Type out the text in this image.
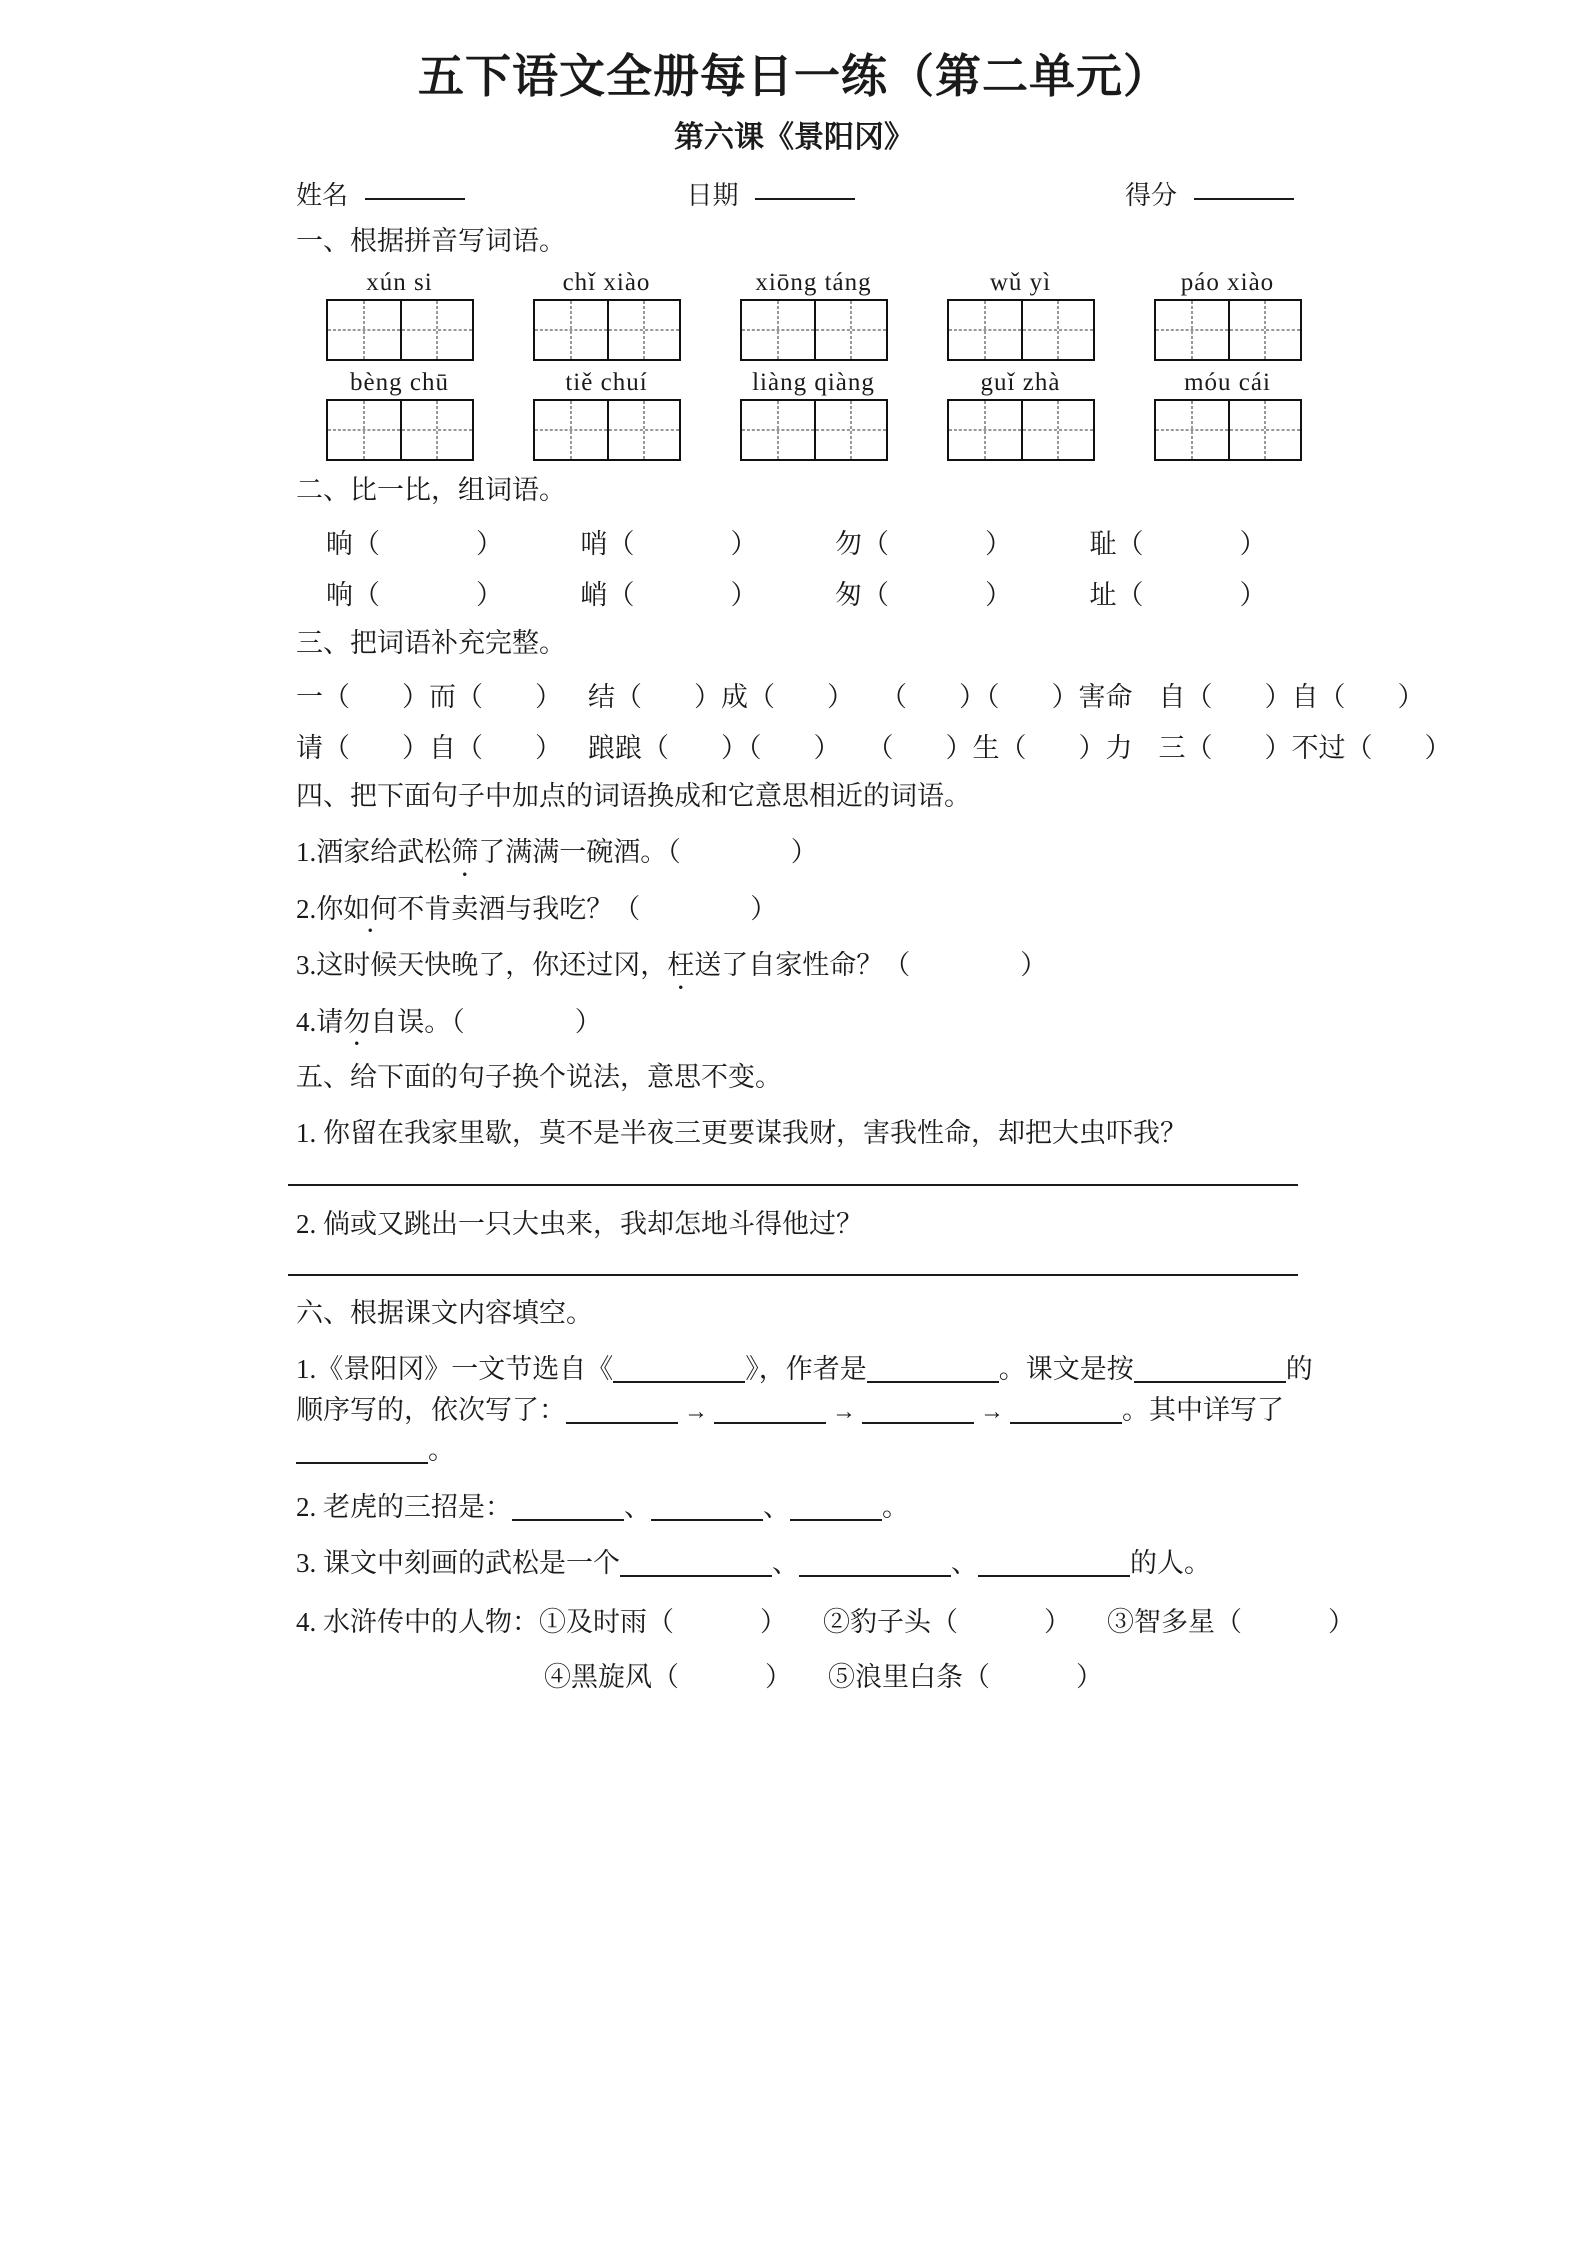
五下语文全册每日一练（第二单元）
第六课《景阳冈》
姓名	日期	得分
一、根据拼音写词语。
xún si	chǐ xiào	xiōng táng	wǔ yì	páo xiào
bèng chū	tiě chuí	liàng qiàng	guǐ zhà	móu cái
二、比一比，组词语。
晌（	）	哨（	）	勿（	）	耻（	）
响（	）	峭（	）	匆（	）	址（	）
三、把词语补充完整。
一（ ）而（ ） 结（ ）成（ ） （ ）（ ）害命 自（ ）自（ ）
请（ ）自（ ） 踉踉（ ）（ ） （ ）生（ ）力 三（ ）不过（ ）
四、把下面句子中加点的词语换成和它意思相近的词语。
1.酒家给武松筛了满满一碗酒。（	）
2.你如何不肯卖酒与我吃？（	）
3.这时候天快晚了，你还过冈，枉送了自家性命？（	）
4.请勿自误。（	）
五、给下面的句子换个说法，意思不变。
1. 你留在我家里歇，莫不是半夜三更要谋我财，害我性命，却把大虫吓我？
2. 倘或又跳出一只大虫来，我却怎地斗得他过？
六、根据课文内容填空。
1.《景阳冈》一文节选自《	》，作者是	。课文是按	的
顺序写的，依次写了：	→	→	→	。其中详写了。
2. 老虎的三招是：	、	、	。
3. 课文中刻画的武松是一个	、	、	的人。
4. 水浒传中的人物：①及时雨（	） ②豹子头（	） ③智多星（	）
④黑旋风（	） ⑤浪里白条（	）
